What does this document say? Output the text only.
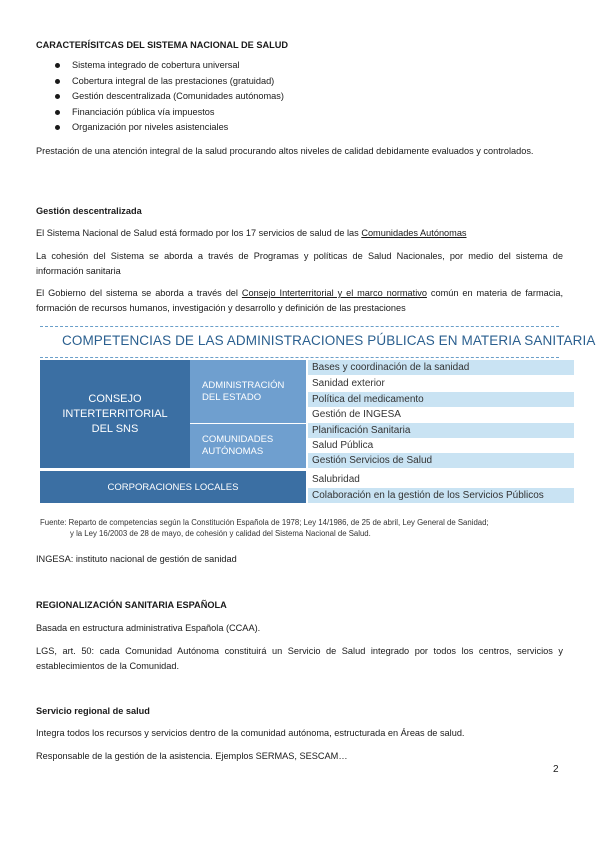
CARACTERÍSITCAS DEL SISTEMA NACIONAL DE SALUD

Sistema integrado de cobertura universal
Cobertura integral de las prestaciones (gratuidad)
Gestión descentralizada (Comunidades autónomas)
Financiación pública vía impuestos
Organización por niveles asistenciales

Prestación de una atención integral de la salud procurando altos niveles de calidad debidamente evaluados y controlados.

Gestión descentralizada

El Sistema Nacional de Salud está formado por los 17 servicios de salud de las Comunidades Autónomas

La cohesión del Sistema se aborda a través de Programas y políticas de Salud Nacionales, por medio del sistema de información sanitaria

El Gobierno del sistema se aborda a través del Consejo Interterritorial y el marco normativo común en materia de farmacia, formación de recursos humanos, investigación y desarrollo y definición de las prestaciones

COMPETENCIAS DE LAS ADMINISTRACIONES PÚBLICAS EN MATERIA SANITARIA
CONSEJO
INTERTERRITORIAL
DEL SNS
ADMINISTRACIÓN
DEL ESTADO
COMUNIDADES
AUTÓNOMAS
CORPORACIONES LOCALES
Bases y coordinación de la sanidad
Sanidad exterior
Política del medicamento
Gestión de INGESA
Planificación Sanitaria
Salud Pública
Gestión Servicios de Salud
Salubridad
Colaboración en la gestión de los Servicios Públicos
Fuente: Reparto de competencias según la Constitución Española de 1978; Ley 14/1986, de 25 de abril, Ley General de Sanidad;
y la Ley 16/2003 de 28 de mayo, de cohesión y calidad del Sistema Nacional de Salud.

INGESA: instituto nacional de gestión de sanidad

REGIONALIZACIÓN SANITARIA ESPAÑOLA

Basada en estructura administrativa Española (CCAA).

LGS, art. 50: cada Comunidad Autónoma constituirá un Servicio de Salud integrado por todos los centros, servicios y establecimientos de la Comunidad.

Servicio regional de salud

Integra todos los recursos y servicios dentro de la comunidad autónoma, estructurada en Áreas de salud.

Responsable de la gestión de la asistencia. Ejemplos SERMAS, SESCAM…

2
